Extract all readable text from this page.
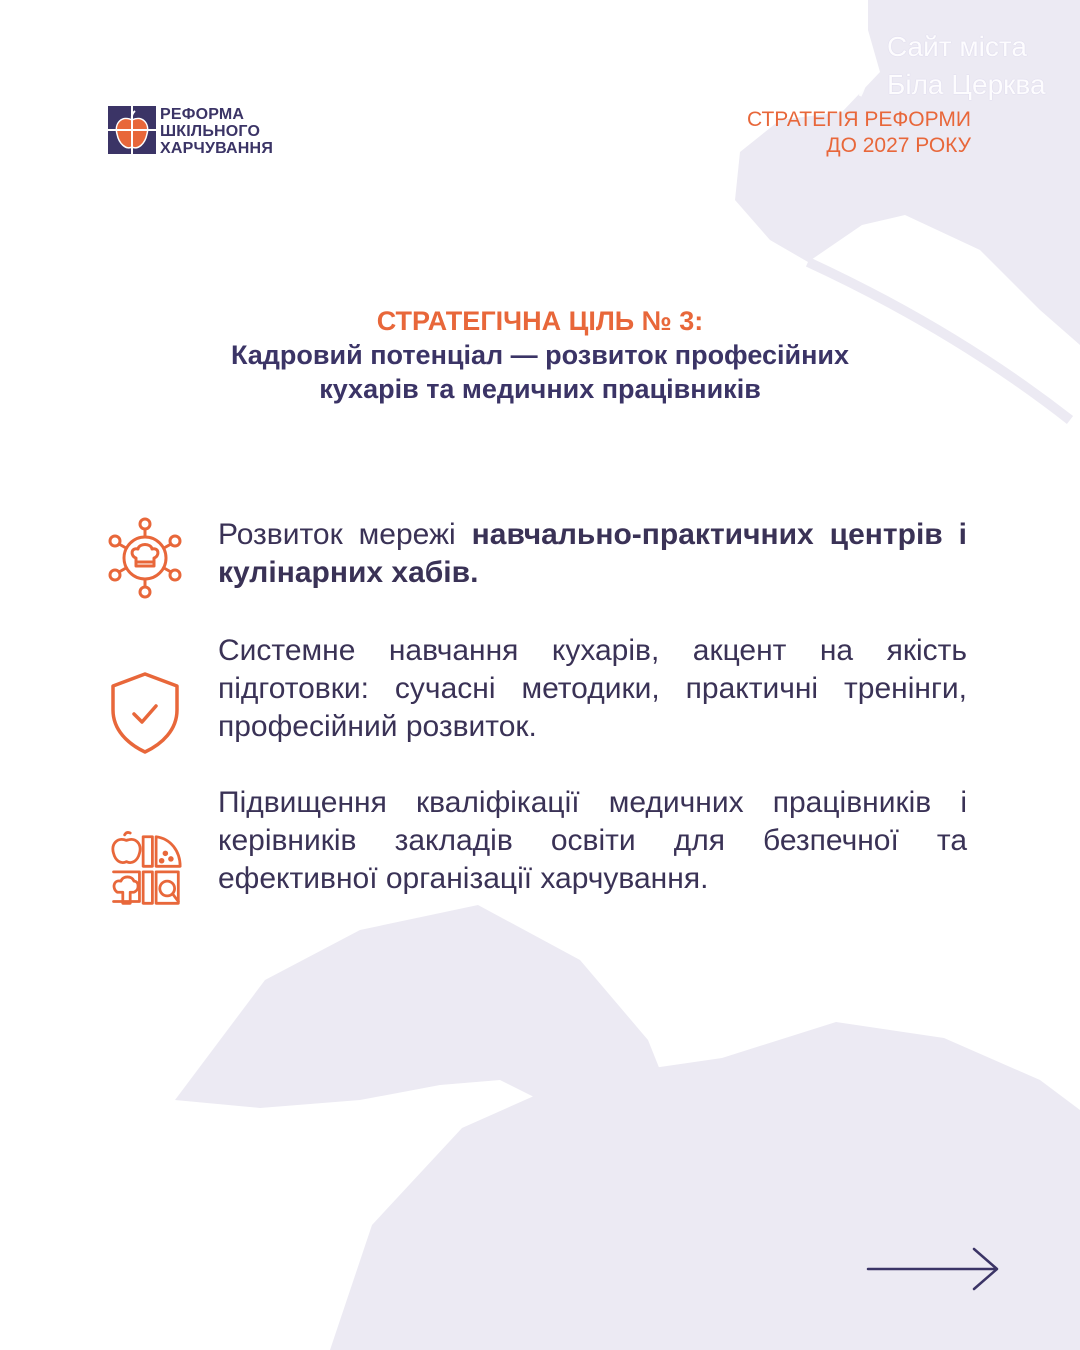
Сайт міста
Біла Церква
РЕФОРМА
ШКІЛЬНОГО
ХАРЧУВАННЯ
СТРАТЕГІЯ РЕФОРМИ
ДО 2027 РОКУ
СТРАТЕГІЧНА ЦІЛЬ № 3:
Кадровий потенціал — розвиток професійних
кухарів та медичних працівників
Розвиток мережі навчально-практичних центрів і кулінарних хабів.
Системне навчання кухарів, акцент на якість підготовки: сучасні методики, практичні тренінги, професійний розвиток.
Підвищення кваліфікації медичних працівників і керівників закладів освіти для безпечної та ефективної організації харчування.
